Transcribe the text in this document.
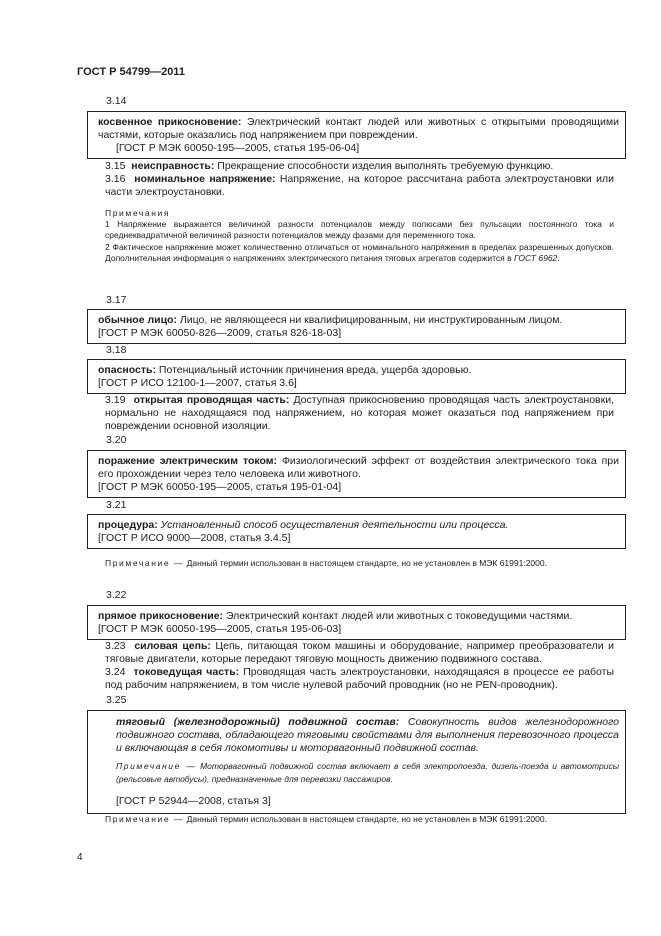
ГОСТ Р 54799—2011
3.14

косвенное прикосновение: Электрический контакт людей или животных с открытыми проводящими частями, которые оказались под напряжением при повреждении.

[ГОСТ Р МЭК 60050-195—2005, статья 195-06-04]

3.15 неисправность: Прекращение способности изделия выполнять требуемую функцию.

3.16 номинальное напряжение: Напряжение, на которое рассчитана работа электроустановки или части электроустановки.

Примечания

1 Напряжение выражается величиной разности потенциалов между полюсами без пульсации постоянного тока и среднеквадратичной величиной разности потенциалов между фазами для переменного тока.

2 Фактическое напряжение может количественно отличаться от номинального напряжения в пределах разрешенных допусков. Дополнительная информация о напряжениях электрического питания тяговых агрегатов содержится в ГОСТ 6962.

3.17

обычное лицо: Лицо, не являющееся ни квалифицированным, ни инструктированным лицом.

[ГОСТ Р МЭК 60050-826—2009, статья 826-18-03]

3.18

опасность: Потенциальный источник причинения вреда, ущерба здоровью.

[ГОСТ Р ИСО 12100-1—2007, статья 3.6]

3.19 открытая проводящая часть: Доступная прикосновению проводящая часть электроустановки, нормально не находящаяся под напряжением, но которая может оказаться под напряжением при повреждении основной изоляции.

3.20

поражение электрическим током: Физиологический эффект от воздействия электрического тока при его прохождении через тело человека или животного.

[ГОСТ Р МЭК 60050-195—2005, статья 195-01-04]

3.21

процедура: Установленный способ осуществления деятельности или процесса.

[ГОСТ Р ИСО 9000—2008, статья 3.4.5]

Примечание — Данный термин использован в настоящем стандарте, но не установлен в МЭК 61991:2000.

3.22

прямое прикосновение: Электрический контакт людей или животных с токоведущими частями.

[ГОСТ Р МЭК 60050-195—2005, статья 195-06-03]

3.23 силовая цепь: Цепь, питающая током машины и оборудование, например преобразователи и тяговые двигатели, которые передают тяговую мощность движению подвижного состава.

3.24 токоведущая часть: Проводящая часть электроустановки, находящаяся в процессе ее работы под рабочим напряжением, в том числе нулевой рабочий проводник (но не PEN-проводник).

3.25

тяговый (железнодорожный) подвижной состав: Совокупность видов железнодорожного подвижного состава, обладающего тяговыми свойствами для выполнения перевозочного процесса и включающая в себя локомотивы и моторвагонный подвижной состав.

Примечание — Моторвагонный подвижной состав включает в себя электропоезда, дизель-поезда и автомотрисы (рельсовые автобусы), предназначенные для перевозки пассажиров.

[ГОСТ Р 52944—2008, статья 3]

Примечание — Данный термин использован в настоящем стандарте, но не установлен в МЭК 61991:2000.

4
